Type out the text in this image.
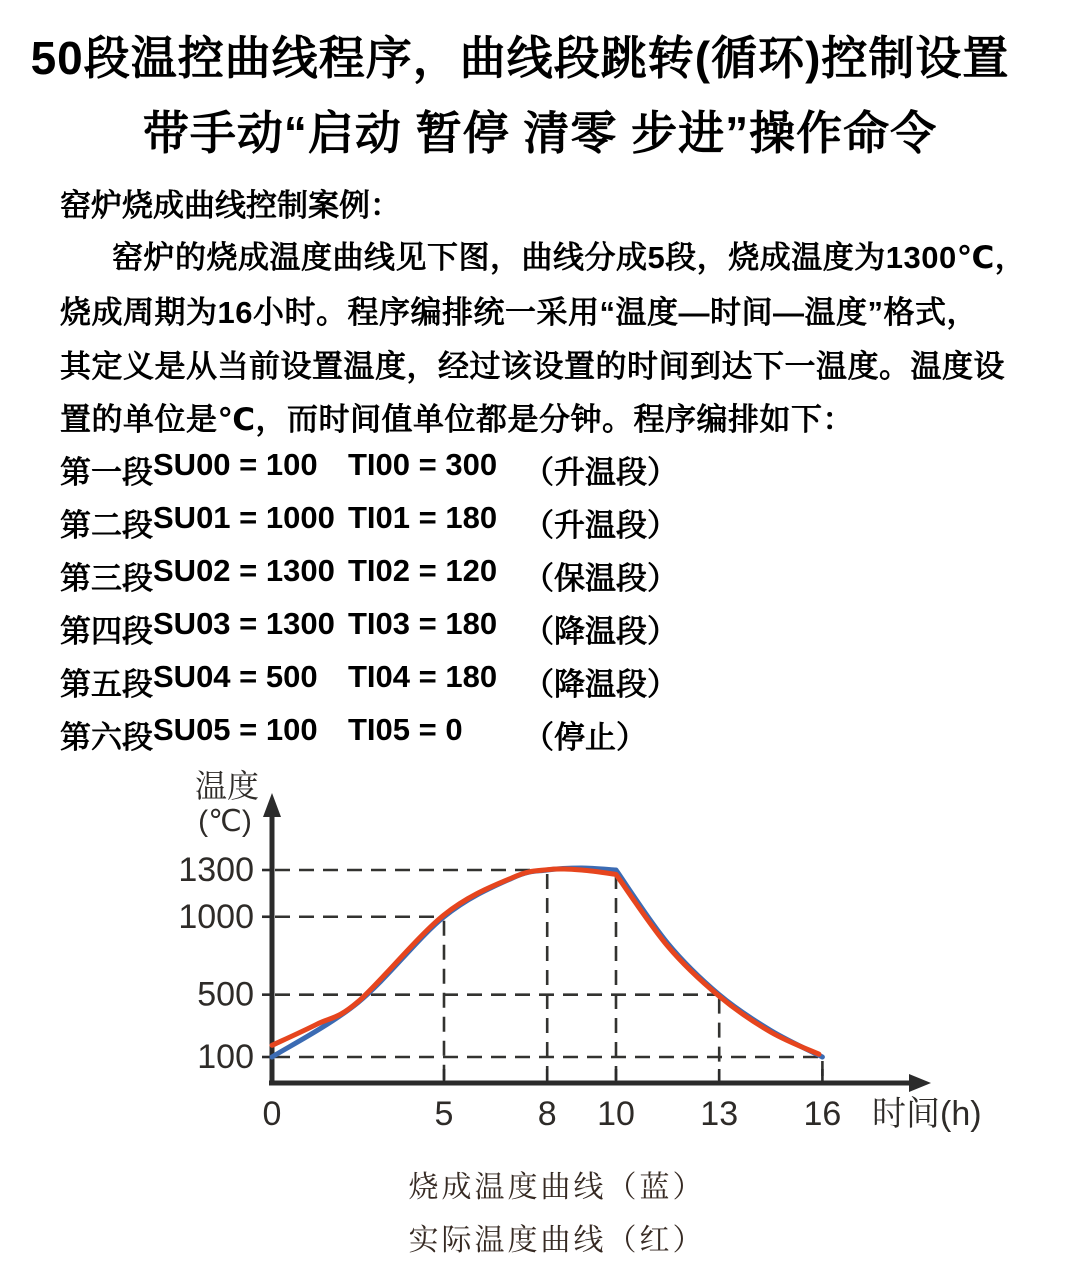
50段温控曲线程序，曲线段跳转(循环)控制设置
带手动“启动 暂停 清零 步进”操作命令
窑炉烧成曲线控制案例：
窑炉的烧成温度曲线见下图，曲线分成5段，烧成温度为1300℃，
烧成周期为16小时。程序编排统一采用“温度—时间—温度”格式，
其定义是从当前设置温度，经过该设置的时间到达下一温度。温度设
置的单位是℃，而时间值单位都是分钟。程序编排如下：
第一段 SU00 = 100 TI00 = 300 （升温段）
第二段 SU01 = 1000 TI01 = 180 （升温段）
第三段 SU02 = 1300 TI02 = 120 （保温段）
第四段 SU03 = 1300 TI03 = 180 （降温段）
第五段 SU04 = 500 TI04 = 180 （降温段）
第六段 SU05 = 100 TI05 = 0	（停止）
0	5 8 10 13 16
1300
1000
500
100
温度
(℃)
时间(h)
烧成温度曲线（蓝）
实际温度曲线（红）
